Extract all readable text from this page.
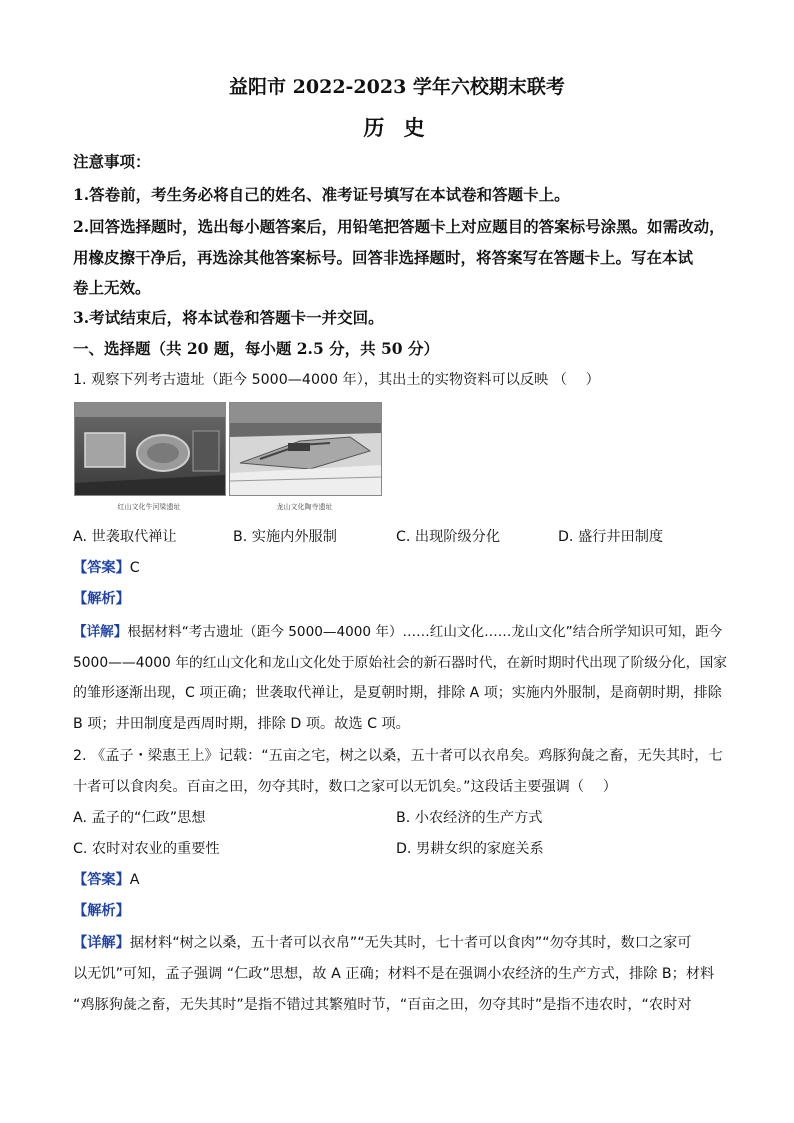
益阳市 2022-2023 学年六校期末联考
历 史
注意事项：
1.答卷前，考生务必将自己的姓名、准考证号填写在本试卷和答题卡上。
2.回答选择题时，选出每小题答案后，用铅笔把答题卡上对应题目的答案标号涂黑。如需改动，
用橡皮擦干净后，再选涂其他答案标号。回答非选择题时，将答案写在答题卡上。写在本试
卷上无效。
3.考试结束后，将本试卷和答题卡一并交回。
一、选择题（共 20 题，每小题 2.5 分，共 50 分）
1. 观察下列考古遗址（距今 5000—4000 年），其出土的实物资料可以反映 （　 ）
红山文化牛河梁遗址	龙山文化陶寺遗址
A. 世袭取代禅让	B. 实施内外服制	C. 出现阶级分化	D. 盛行井田制度
【答案】C
【解析】
【详解】根据材料“考古遗址（距今 5000—4000 年）……红山文化……龙山文化”结合所学知识可知，距今
5000——4000 年的红山文化和龙山文化处于原始社会的新石器时代，在新时期时代出现了阶级分化，国家
的雏形逐渐出现，C 项正确；世袭取代禅让，是夏朝时期，排除 A 项；实施内外服制，是商朝时期，排除
B 项；井田制度是西周时期，排除 D 项。故选 C 项。
2. 《孟子・梁惠王上》记载：“五亩之宅，树之以桑，五十者可以衣帛矣。鸡豚狗彘之畜，无失其时，七
十者可以食肉矣。百亩之田，勿夺其时，数口之家可以无饥矣。”这段话主要强调（　 ）
A. 孟子的“仁政”思想	B. 小农经济的生产方式
C. 农时对农业的重要性	D. 男耕女织的家庭关系
【答案】A
【解析】
【详解】据材料“树之以桑，五十者可以衣帛”“无失其时，七十者可以食肉”“勿夺其时，数口之家可
以无饥”可知，孟子强调 “仁政”思想，故 A 正确；材料不是在强调小农经济的生产方式，排除 B；材料
“鸡豚狗彘之畜，无失其时”是指不错过其繁殖时节，“百亩之田，勿夺其时”是指不违农时，“农时对
